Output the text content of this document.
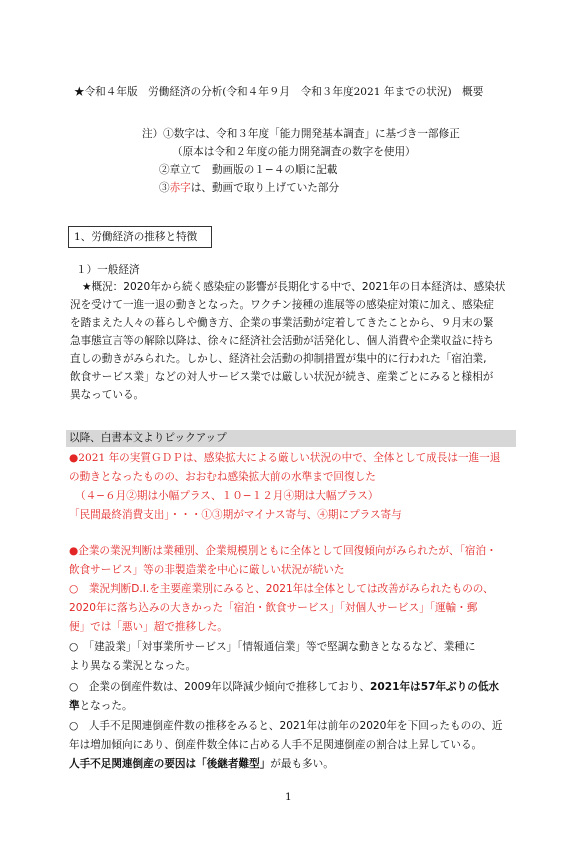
★令和４年版　労働経済の分析(令和４年９月　令和３年度2021 年までの状況)　概要
注）①数字は、令和３年度「能力開発基本調査」に基づき一部修正
（原本は令和２年度の能力開発調査の数字を使用）
②章立て　動画版の１−４の順に記載
③赤字は、動画で取り上げていた部分
1、労働経済の推移と特徴
１）一般経済
★概況：2020年から続く感染症の影響が長期化する中で、2021年の日本経済は、感染状
況を受けて一進一退の動きとなった。ワクチン接種の進展等の感染症対策に加え、感染症
を踏まえた人々の暮らしや働き方、企業の事業活動が定着してきたことから、９月末の緊
急事態宣言等の解除以降は、徐々に経済社会活動が活発化し、個人消費や企業収益に持ち
直しの動きがみられた。しかし、経済社会活動の抑制措置が集中的に行われた「宿泊業,
飲食サービス業」などの対人サービス業では厳しい状況が続き、産業ごとにみると様相が
異なっている。
以降、白書本文よりピックアップ
●2021 年の実質ＧＤＰは、感染拡大による厳しい状況の中で、全体として成長は一進一退
の動きとなったものの、おおむね感染拡大前の水準まで回復した
（４−６月②期は小幅プラス、１０−１２月④期は大幅プラス）
「民間最終消費支出」・・・①③期がマイナス寄与、④期にプラス寄与
●企業の業況判断は業種別、企業規模別ともに全体として回復傾向がみられたが、「宿泊・
飲食サービス」等の非製造業を中心に厳しい状況が続いた
○　業況判断D.I.を主要産業別にみると、2021年は全体としては改善がみられたものの、
2020年に落ち込みの大きかった「宿泊・飲食サービス」「対個人サービス」「運輸・郵
便」では「悪い」超で推移した。
○　「建設業」「対事業所サービス」「情報通信業」等で堅調な動きとなるなど、業種に
より異なる業況となった。
○　企業の倒産件数は、2009年以降減少傾向で推移しており、2021年は57年ぶりの低水
準となった。
○　人手不足関連倒産件数の推移をみると、2021年は前年の2020年を下回ったものの、近
年は増加傾向にあり、倒産件数全体に占める人手不足関連倒産の割合は上昇している。
人手不足関連倒産の要因は「後継者難型」が最も多い。
1
